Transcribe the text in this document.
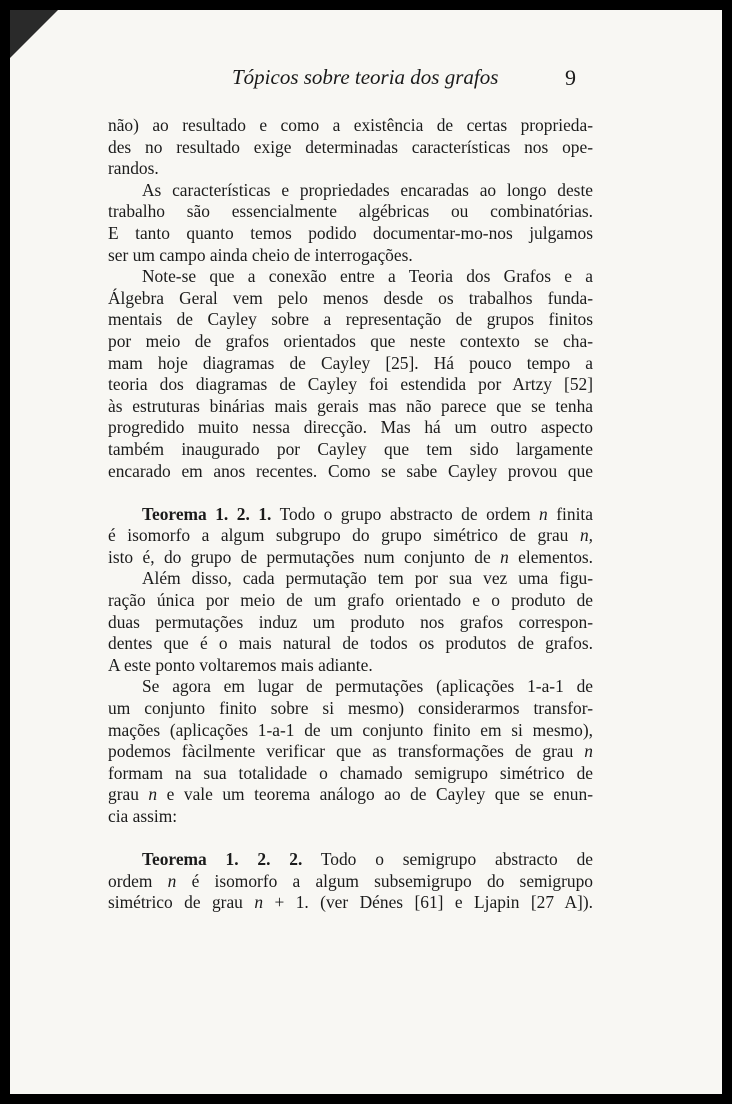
Tópicos sobre teoria dos grafos	9
não) ao resultado e como a existência de certas proprieda-
des no resultado exige determinadas características nos ope-
randos.
As características e propriedades encaradas ao longo deste
trabalho são essencialmente algébricas ou combinatórias.
E tanto quanto temos podido documentar-mo-nos julgamos
ser um campo ainda cheio de interrogações.
Note-se que a conexão entre a Teoria dos Grafos e a
Álgebra Geral vem pelo menos desde os trabalhos funda-
mentais de Cayley sobre a representação de grupos finitos
por meio de grafos orientados que neste contexto se cha-
mam hoje diagramas de Cayley [25]. Há pouco tempo a
teoria dos diagramas de Cayley foi estendida por Artzy [52]
às estruturas binárias mais gerais mas não parece que se tenha
progredido muito nessa direcção. Mas há um outro aspecto
também inaugurado por Cayley que tem sido largamente
encarado em anos recentes. Como se sabe Cayley provou que
Teorema 1. 2. 1. Todo o grupo abstracto de ordem n finita
é isomorfo a algum subgrupo do grupo simétrico de grau n,
isto é, do grupo de permutações num conjunto de n elementos.
Além disso, cada permutação tem por sua vez uma figu-
ração única por meio de um grafo orientado e o produto de
duas permutações induz um produto nos grafos correspon-
dentes que é o mais natural de todos os produtos de grafos.
A este ponto voltaremos mais adiante.
Se agora em lugar de permutações (aplicações 1-a-1 de
um conjunto finito sobre si mesmo) considerarmos transfor-
mações (aplicações 1-a-1 de um conjunto finito em si mesmo),
podemos fàcilmente verificar que as transformações de grau n
formam na sua totalidade o chamado semigrupo simétrico de
grau n e vale um teorema análogo ao de Cayley que se enun-
cia assim:
Teorema 1. 2. 2. Todo o semigrupo abstracto de
ordem n é isomorfo a algum subsemigrupo do semigrupo
simétrico de grau n + 1. (ver Dénes [61] e Ljapin [27 A]).
